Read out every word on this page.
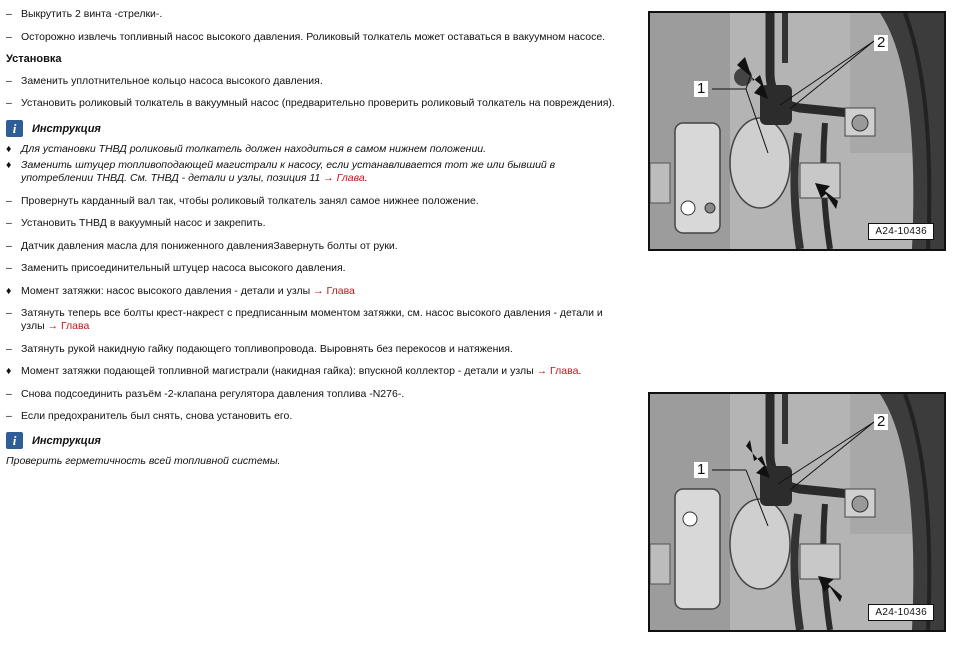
– Выкрутить 2 винта -стрелки-.
– Осторожно извлечь топливный насос высокого давления. Роликовый толкатель может оставаться в вакуумном насосе.
Установка
– Заменить уплотнительное кольцо насоса высокого давления.
– Установить роликовый толкатель в вакуумный насос (предварительно проверить роликовый толкатель на повреждения).
i	Инструкция
♦ Для установки ТНВД роликовый толкатель должен находиться в самом нижнем положении.
♦ Заменить штуцер топливоподающей магистрали к насосу, если устанавливается тот же или бывший в
употреблении ТНВД. См. ТНВД - детали и узлы, позиция 11 → Глава.
– Провернуть карданный вал так, чтобы роликовый толкатель занял самое нижнее положение.
– Установить ТНВД в вакуумный насос и закрепить.
– Датчик давления масла для пониженного давленияЗавернуть болты от руки.
– Заменить присоединительный штуцер насоса высокого давления.
♦ Момент затяжки: насос высокого давления - детали и узлы → Глава
– Затянуть теперь все болты крест-накрест с предписанным моментом затяжки, см. насос высокого давления - детали и
узлы → Глава
– Затянуть рукой накидную гайку подающего топливопровода. Выровнять без перекосов и натяжения.
♦ Момент затяжки подающей топливной магистрали (накидная гайка): впускной коллектор - детали и узлы → Глава.
– Снова подсоединить разъём -2-клапана регулятора давления топлива -N276-.
– Если предохранитель был снять, снова установить его.
i	Инструкция
Проверить герметичность всей топливной системы.
1
2
A24-10436
1
2
A24-10436
